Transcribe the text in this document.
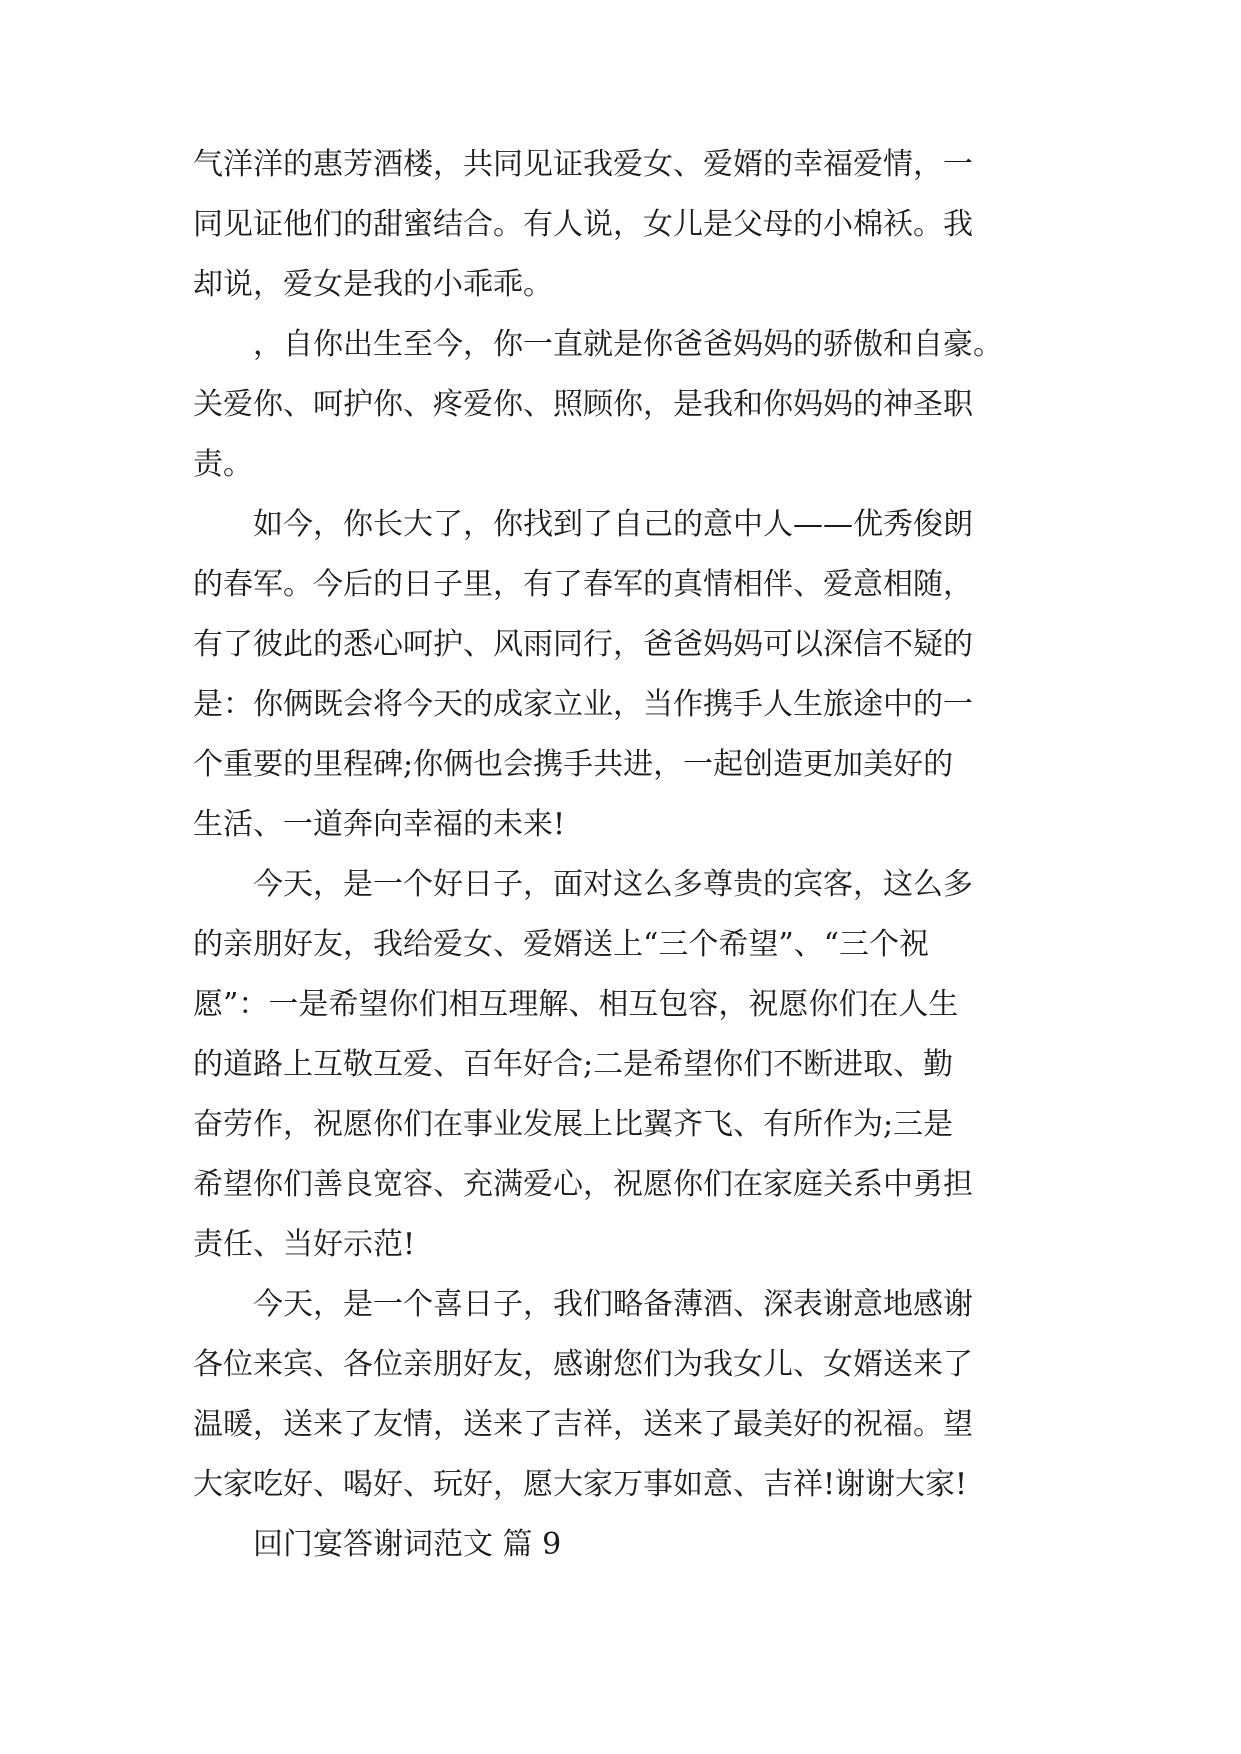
气洋洋的惠芳酒楼，共同见证我爱女、爱婿的幸福爱情，一
同见证他们的甜蜜结合。有人说，女儿是父母的小棉袄。我
却说，爱女是我的小乖乖。
，自你出生至今，你一直就是你爸爸妈妈的骄傲和自豪。
关爱你、呵护你、疼爱你、照顾你，是我和你妈妈的神圣职
责。
如今，你长大了，你找到了自己的意中人——优秀俊朗
的春军。今后的日子里，有了春军的真情相伴、爱意相随，
有了彼此的悉心呵护、风雨同行，爸爸妈妈可以深信不疑的
是：你俩既会将今天的成家立业，当作携手人生旅途中的一
个重要的里程碑;你俩也会携手共进，一起创造更加美好的
生活、一道奔向幸福的未来!
今天，是一个好日子，面对这么多尊贵的宾客，这么多
的亲朋好友，我给爱女、爱婿送上“三个希望”、“三个祝
愿”：一是希望你们相互理解、相互包容，祝愿你们在人生
的道路上互敬互爱、百年好合;二是希望你们不断进取、勤
奋劳作，祝愿你们在事业发展上比翼齐飞、有所作为;三是
希望你们善良宽容、充满爱心，祝愿你们在家庭关系中勇担
责任、当好示范!
今天，是一个喜日子，我们略备薄酒、深表谢意地感谢
各位来宾、各位亲朋好友，感谢您们为我女儿、女婿送来了
温暖，送来了友情，送来了吉祥，送来了最美好的祝福。望
大家吃好、喝好、玩好，愿大家万事如意、吉祥!谢谢大家!
回门宴答谢词范文 篇 9
